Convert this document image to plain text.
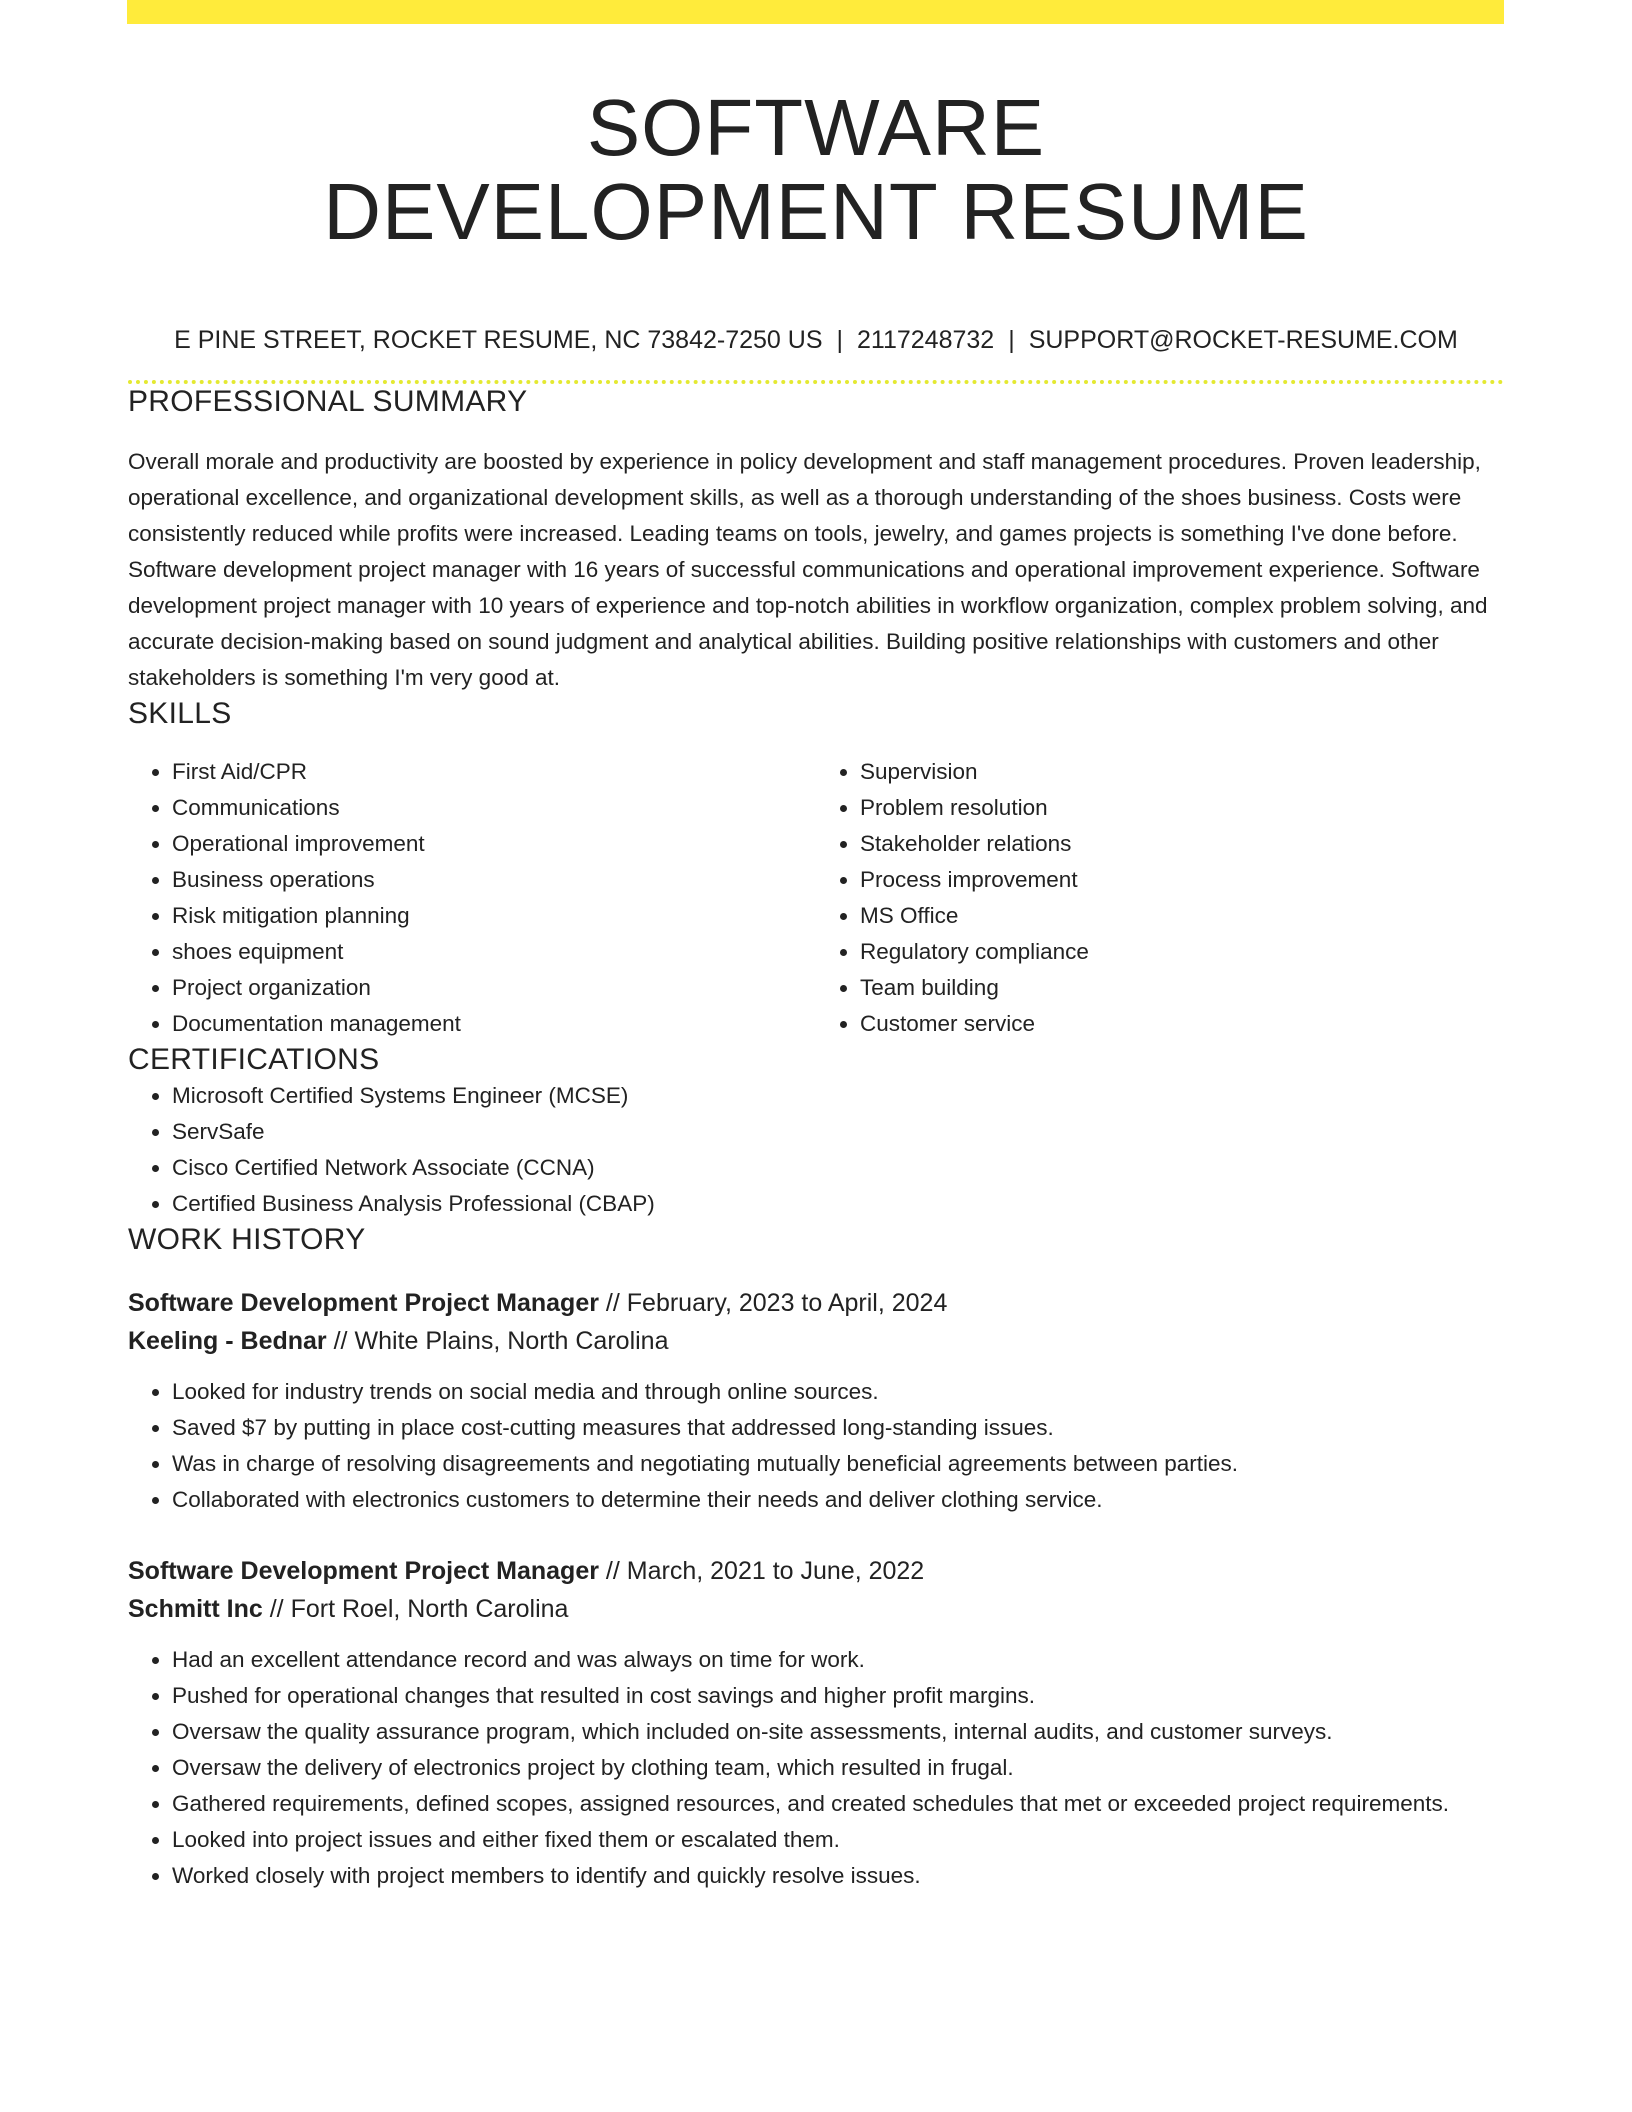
SOFTWARE
DEVELOPMENT RESUME
E PINE STREET, ROCKET RESUME, NC 73842-7250 US | 2117248732 | SUPPORT@ROCKET-RESUME.COM
PROFESSIONAL SUMMARY

Overall morale and productivity are boosted by experience in policy development and staff management procedures. Proven leadership, operational excellence, and organizational development skills, as well as a thorough understanding of the shoes business. Costs were consistently reduced while profits were increased. Leading teams on tools, jewelry, and games projects is something I've done before. Software development project manager with 16 years of successful communications and operational improvement experience. Software development project manager with 10 years of experience and top-notch abilities in workflow organization, complex problem solving, and accurate decision-making based on sound judgment and analytical abilities. Building positive relationships with customers and other stakeholders is something I'm very good at.

SKILLS
• First Aid/CPR
• Communications
• Operational improvement
• Business operations
• Risk mitigation planning
• shoes equipment
• Project organization
• Documentation management
• Supervision
• Problem resolution
• Stakeholder relations
• Process improvement
• MS Office
• Regulatory compliance
• Team building
• Customer service
CERTIFICATIONS
• Microsoft Certified Systems Engineer (MCSE)
• ServSafe
• Cisco Certified Network Associate (CCNA)
• Certified Business Analysis Professional (CBAP)
WORK HISTORY
Software Development Project Manager // February, 2023 to April, 2024
Keeling - Bednar // White Plains, North Carolina
• Looked for industry trends on social media and through online sources.
• Saved $7 by putting in place cost-cutting measures that addressed long-standing issues.
• Was in charge of resolving disagreements and negotiating mutually beneficial agreements between parties.
• Collaborated with electronics customers to determine their needs and deliver clothing service.
Software Development Project Manager // March, 2021 to June, 2022
Schmitt Inc // Fort Roel, North Carolina
• Had an excellent attendance record and was always on time for work.
• Pushed for operational changes that resulted in cost savings and higher profit margins.
• Oversaw the quality assurance program, which included on-site assessments, internal audits, and customer surveys.
• Oversaw the delivery of electronics project by clothing team, which resulted in frugal.
• Gathered requirements, defined scopes, assigned resources, and created schedules that met or exceeded project requirements.
• Looked into project issues and either fixed them or escalated them.
• Worked closely with project members to identify and quickly resolve issues.
